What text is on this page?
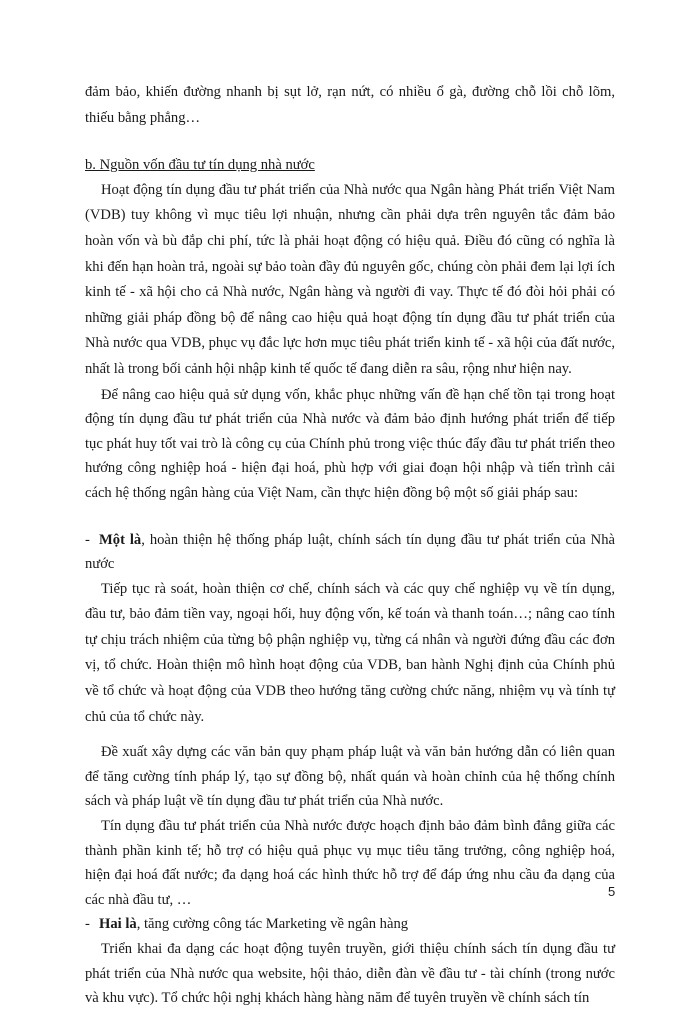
đảm bảo, khiến đường nhanh bị sụt lở, rạn nứt, có nhiều ổ gà, đường chỗ lồi chỗ lõm, thiếu bằng phẳng…

b. Nguồn vốn đầu tư tín dụng nhà nước

Hoạt động tín dụng đầu tư phát triển của Nhà nước qua Ngân hàng Phát triển Việt Nam (VDB) tuy không vì mục tiêu lợi nhuận, nhưng cần phải dựa trên nguyên tắc đảm bảo hoàn vốn và bù đắp chi phí, tức là phải hoạt động có hiệu quả. Điều đó cũng có nghĩa là khi đến hạn hoàn trả, ngoài sự bảo toàn đầy đủ nguyên gốc, chúng còn phải đem lại lợi ích kinh tế - xã hội cho cả Nhà nước, Ngân hàng và người đi vay. Thực tế đó đòi hỏi phải có những giải pháp đồng bộ để nâng cao hiệu quả hoạt động tín dụng đầu tư phát triển của Nhà nước qua VDB, phục vụ đắc lực hơn mục tiêu phát triển kinh tế - xã hội của đất nước, nhất là trong bối cảnh hội nhập kinh tế quốc tế đang diễn ra sâu, rộng như hiện nay.

Để nâng cao hiệu quả sử dụng vốn, khắc phục những vấn đề hạn chế tồn tại trong hoạt động tín dụng đầu tư phát triển của Nhà nước và đảm bảo định hướng phát triển để tiếp tục phát huy tốt vai trò là công cụ của Chính phủ trong việc thúc đẩy đầu tư phát triển theo hướng công nghiệp hoá - hiện đại hoá, phù hợp với giai đoạn hội nhập và tiến trình cải cách hệ thống ngân hàng của Việt Nam, cần thực hiện đồng bộ một số giải pháp sau:

- Một là, hoàn thiện hệ thống pháp luật, chính sách tín dụng đầu tư phát triển của Nhà nước

Tiếp tục rà soát, hoàn thiện cơ chế, chính sách và các quy chế nghiệp vụ về tín dụng, đầu tư, bảo đảm tiền vay, ngoại hối, huy động vốn, kế toán và thanh toán…; nâng cao tính tự chịu trách nhiệm của từng bộ phận nghiệp vụ, từng cá nhân và người đứng đầu các đơn vị, tổ chức. Hoàn thiện mô hình hoạt động của VDB, ban hành Nghị định của Chính phủ về tổ chức và hoạt động của VDB theo hướng tăng cường chức năng, nhiệm vụ và tính tự chủ của tổ chức này.

Đề xuất xây dựng các văn bản quy phạm pháp luật và văn bản hướng dẫn có liên quan để tăng cường tính pháp lý, tạo sự đồng bộ, nhất quán và hoàn chỉnh của hệ thống chính sách và pháp luật về tín dụng đầu tư phát triển của Nhà nước.

Tín dụng đầu tư phát triển của Nhà nước được hoạch định bảo đảm bình đẳng giữa các thành phần kinh tế; hỗ trợ có hiệu quả phục vụ mục tiêu tăng trưởng, công nghiệp hoá, hiện đại hoá đất nước; đa dạng hoá các hình thức hỗ trợ để đáp ứng nhu cầu đa dạng của các nhà đầu tư, …

- Hai là, tăng cường công tác Marketing về ngân hàng

Triển khai đa dạng các hoạt động tuyên truyền, giới thiệu chính sách tín dụng đầu tư phát triển của Nhà nước qua website, hội thảo, diễn đàn về đầu tư - tài chính (trong nước và khu vực). Tổ chức hội nghị khách hàng hàng năm để tuyên truyền về chính sách tín

5
